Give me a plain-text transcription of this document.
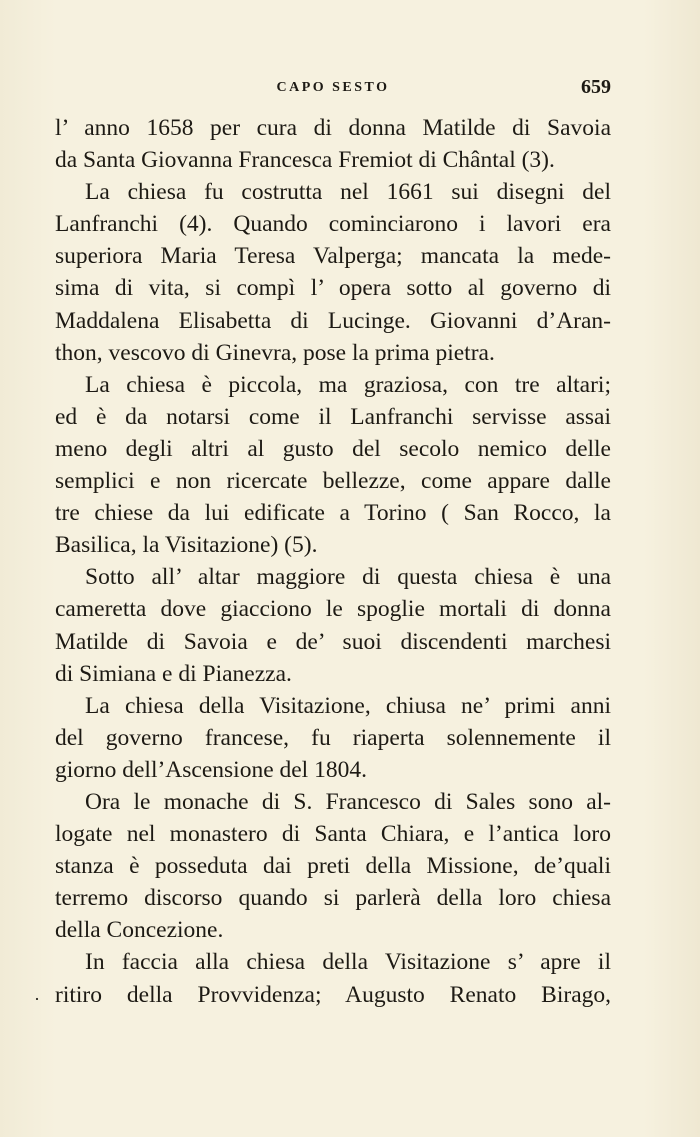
CAPO SESTO	659
l’ anno 1658 per cura di donna Matilde di Savoia
da Santa Giovanna Francesca Fremiot di Chântal (3).
La chiesa fu costrutta nel 1661 sui disegni del
Lanfranchi (4). Quando cominciarono i lavori era
superiora Maria Teresa Valperga; mancata la mede-
sima di vita, si compì l’ opera sotto al governo di
Maddalena Elisabetta di Lucinge. Giovanni d’Aran-
thon, vescovo di Ginevra, pose la prima pietra.
La chiesa è piccola, ma graziosa, con tre altari;
ed è da notarsi come il Lanfranchi servisse assai
meno degli altri al gusto del secolo nemico delle
semplici e non ricercate bellezze, come appare dalle
tre chiese da lui edificate a Torino ( San Rocco, la
Basilica, la Visitazione) (5).
Sotto all’ altar maggiore di questa chiesa è una
cameretta dove giacciono le spoglie mortali di donna
Matilde di Savoia e de’ suoi discendenti marchesi
di Simiana e di Pianezza.
La chiesa della Visitazione, chiusa ne’ primi anni
del governo francese, fu riaperta solennemente il
giorno dell’Ascensione del 1804.
Ora le monache di S. Francesco di Sales sono al-
logate nel monastero di Santa Chiara, e l’antica loro
stanza è posseduta dai preti della Missione, de’quali
terremo discorso quando si parlerà della loro chiesa
della Concezione.
In faccia alla chiesa della Visitazione s’ apre il
ritiro della Provvidenza; Augusto Renato Birago,
·
